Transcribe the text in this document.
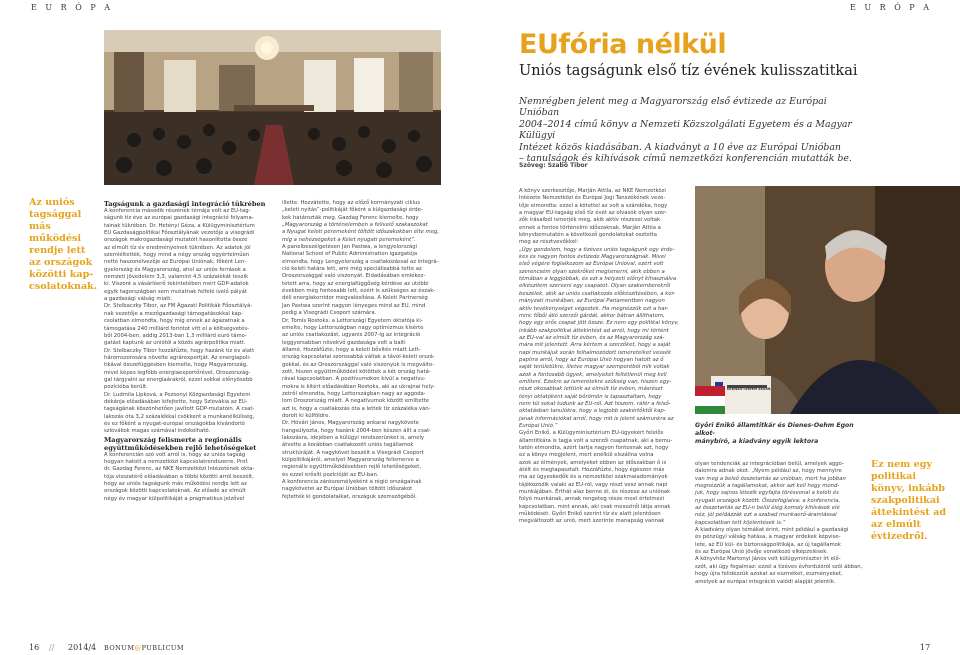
E U R Ó P A	E U R Ó P A
EUfória nélkül
Uniós tagságunk első tíz évének kulisszatitkai
Nemrégben jelent meg a Magyarország első évtizede az Európai Unióban
2004–2014 című könyv a Nemzeti Közszolgálati Egyetem és a Magyar Külügyi
Intézet közös kiadásában. A kiadványt a 10 éve az Európai Unióban
– tanulságok és kihívások című nemzetközi konferencián mutatták be.
Szöveg: Szabó Tibor
Az uniós
tagsággal más
működési
rendje lett
az országok
közötti kap-
csolatoknak.

Tagságunk a gazdasági integráció tükrében

A konferencia második részének témája volt az EU-tag-

ságunk tíz éve az európai gazdasági integráció folyama-

tainak tükrében. Dr. Hetényi Géza, a Külügyminisztérium

EU Gazdaságpolitikai Főosztályának vezetője a visegrádi

országok makrogazdasági mutatóit hasonlította össze

az elmúlt tíz év eredményeinek tükrében. Az adatok jól

szemléltették, hogy mind a négy ország egyértelműen

nettó haszonélvezője az Európai Uniónak, főként Len-

gyelország és Magyarország, ahol az uniós források a

nemzeti jövedelem 3,3, valamint 4,5 százalékát teszik

ki. Viszont a vásárlóerő tekintetében mért GDP-adatok

egyik tagországban sem mutatnak felfelé ívelő pályát

a gazdasági válság miatt.

Dr. Stelbaczky Tibor, az FM Ágazati Politikák Főosztályá-

nak vezetője a mezőgazdasági támogatásokkal kap-

csolatban elmondta, hogy míg ennek az ágazatnak a

támogatása 240 milliárd forintot vitt el a költségvetés-

ből 2004-ben, addig 2013-ban 1,3 milliárd euró támo-

gatást kaptunk az uniótól a közös agrárpolitika miatt.

Dr. Stelbaczky Tibor hozzáfűzte, hogy hazánk tíz év alatt

háromszorosára növelte agrárexportját. Az energiapoli-

tikával összefüggésben kiemelte, hogy Magyarország,

mivel képes legfőbb energiaexportőrével, Oroszország-

gal tárgyalni az energiaárakról, ezzel sokkal előnyösebb

pozícióba került.

Dr. Ludmila Lipková, a Pozsonyi Közgazdasági Egyetem

dékánja előadásában kifejtette, hogy Szlovákia az EU-

tagságának köszönhetően javított GDP-mutatóin. A csat-

lakozás óta 3,2 százalékkal csökkent a munkanélküliség,

és ez főként a nyugat-európai országokba kivándorló

szlovákok magas számával indokolható.

Magyarország felismerte a regionális

együttműködésekben rejlő lehetőségeket

A konferencián szó volt arról is, hogy az uniós tagság

hogyan hatott a nemzetközi kapcsolatrendszerre. Prof.

dr. Gazdag Ferenc, az NKE Nemzetközi Intézetének okta-

tója visszatérő előadásában a többi közötti arról beszélt,

hogy az uniós tagságunk más működési rendje lett az

országok közötti kapcsolatoknak. Az előadó az elmúlt

négy év magyar külpolitikáját a pragmatikus jelzővel

illette. Hozzátette, hogy az előző kormányzati ciklus

„keleti nyitás”-politikáját főként a külgazdasági érde-

kek határozták meg. Gazdag Ferenc kiemelte, hogy

„Magyarország a történelemben a felívelő szakaszokat

a Nyugat keleti peremeként töltött időszakokban élte meg,

míg a nehézségeket a Kelet nyugati peremeként”.

A panelbeszélgetésen Jan Pastwa, a lengyelországi

National School of Public Administration igazgatója

elmondta, hogy Lengyelország a csatlakozással az integrá-

ció keleti határa lett, ami még speciálisabbá tette az

Oroszországgal való viszonyát. Eldadásában emlékez-

tetett arra, hogy az energiafüggőség kérdése az utóbbi

években még fontosabb lett, ezért is szükséges az észak-

déli energiakorridor megvalósítása. A Keleti Partnerség

Jan Pastwa szerint nagyon lényeges mind az EU, mind

pedig a Visegrádi Csoport számára.

Dr. Tomis Rostoks, a Lettországi Egyetem oktatója ki-

emelte, hogy Lettországban nagy optimizmus kísérte

az uniós csatlakozást, ugyanis 2007-ig az integráció

leggyorsabban növekvő gazdasága volt a balti

államé. Hozzáfűzte, hogy a keleti bővítés miatt Lett-

ország kapcsolatai szorosabbá váltak a távol-keleti orszá-

gokkal, és az Oroszországgal való viszonyuk is megválto-

zott, hiszen együttműködést kötöttek a két ország hatá-

rával kapcsolatban. A pozitívumokon kívül a negatívu-

mokra is kitért előadásában Rostoks, aki az ukrajnai hely-

zetről elmondta, hogy Lettországban nagy az aggoda-

lom Oroszország miatt. A negatívumok között említette

azt is, hogy a csatlakozás óta a lettek tíz százaléka ván-

dorolt ki külföldre.

Dr. Hóvári János, Magyarország ankarai nagykövete

hangsúlyozta, hogy hazánk 2004-ben készen állt a csat-

lakozásra, idejében a külügyi rendszerünket is, amely

átvette a korábban csatlakozott uniós tagállamok

struktúráját. A nagykövet beszélt a Visegrádi Csoport

külpolitikájáról, amelyet Magyarország felismerve a

regionális együttműködésekben rejlő lehetőségeket,

és ezzel erősíti pozícióját az EU-ban.

A konferencia zárószemélyeként a régió országainak

nagykövetei az Európai Unióban töltött időszakot

fejtették ki gondolataikat, országuk szemszögéből.

A könyv szerkesztője, Marján Attila, az NKE Nemzetközi

Intézete Nemzetközi és Európai Jogi Tanszékének veze-

tője elmondta: ezzel a kötettel az volt a szándéka, hogy

a magyar EU-tagság első tíz évét az olvasók olyan szer-

zők írásaiból ismerjék meg, akik aktív részesei voltak

ennek a fontos történelmi időszaknak. Marján Attila a

könyvbemutatón a következő gondolatokat osztotta

meg az résztvevőkkel:

„Úgy gondolom, hogy a tízéves uniós tagságunk egy érde-

kes és nagyon fontos évtizede Magyarországnak. Mivel

első végére foglalkozom az Európai Unióval, ezért volt

szerencsém olyan szekrőket megismerni, akik ebben a

témában a leggjobbak, és ezt a helyzeti előnyt kihasználva

elkészítem szerveni egy csapatot. Olyan szakemberekről

beszélek, akik az uniós csatlakozás előkészítésében, a kor-

mányzati munkában, az Európai Parlamentben nagyon

aktív tevékenységet végeztek. Ha megnézzük ezt a har-

minc főből álló szerzői gárdát, akkor bátran állíthatom,

hogy egy erős csapat jött össze. Ez nem egy politikai könyv,

inkább szakpolitikai áttekintést ad arról, hogy mi történt

az EU-val az elmúlt tíz évben, és az Magyarország szá-

mára mit jelentett. Arra kértem a szerzőket, hogy a saját

napi munkájuk során felhalmozódott ismereteiket vessék

papírra arról, hogy az Európai Unió hogyan hatott az ő

saját területükre, illetve magyar szempontból mik voltak

azok a fontosabb ügyek, amelyeket feltétlenül meg kell

említeni. Ezekre az ismeretekre szükség van, hiszen egy-

részt okosabbak lettünk az elmúlt tíz évben, másrészt

tényi oktatóként saját bőrömön is tapasztaltam, hogy

nem túl sokat tudunk az EU-ról. Azt hiszem, ráfér a felső-

oktatásban tanulókra, hogy a legjobb szakértőktől kap-

janak információkat arról, hogy mit is jelent számunkra az

Európai Unió.”

Győri Enikő, a Külügyminisztérium EU-ügyekért felelős

államtitkára is tagja volt a szerzői csapatnak, aki a bemu-

tatón elmondta, azért tartja nagyon fontosnak azt, hogy

ez a könyv megjelent, mert enélkül elszállna volna

azok az élmények, amelyeket ebben az időszakban ő is

átélt és megtapasztalt. Hozzáfűzte, hogy égészen más

ma az ügyeskedők és a nemzetközi szakmaiadományok

tájékozódik valaki az EU-ról, vagy részt vesz annak napi

munkájában. Érthát alaz benne él, és részese az uniónak

folyó munkának, annak rengeteg része most értelmezi

kapcsolatban, mint annak, aki csak messzíről látja annak

működését. Győri Enikő szerint tíz év alatt jelentősen

megváltozott az unió, mert szerinte manapság vannak

olyan tendenciák az integrációban belül, amelyek aggo-

dalomra adnak okot. „Nyem például az, hogy mennyire

van meg a belső összetartás az unióban, mert ha jobban

megnézzük a tagállamokat, akkor azt kell hogy mond-

juk, hogy sajnos létezik egyfajta törésvonal a keleti és

nyugati országok között. Összefoglalva: a konferencia,

az összetartás az EU-n belül élég komoly kihívások elé

néz, jól példázzák ezt a szabad munkaerő-áramlással

kapcsolatban tett kijelentések is.”

A kiadvány olyan témákat érint, mint például a gazdasági

és pénzügyi válság hatása, a magyar érdekek képvise-

lete, az EU kül- és biztonságpolitikája, az új tagállamok

és az Európai Unió jövője vonatkozó elképzelések.

A könyvhöz Martonyi János volt külügyminiszter írt elő-

szót, aki úgy fogalmaz: ezzel a tízéves évfordulóról szól ábban,

hogy újra felidézzük azokat az eszméket, eszményeket,

amelyek az európai integráció valódi alapját jelentik.

DIENES-OEHM EGON
Győri Enikő államtitkár és Dienes-Oehm Egon alkot-
mánybíró, a kiadvány egyik lektora
Ez nem egy
politikai
könyv, inkább
szakpolitikai
áttekintést ad
az elmúlt
évtizedről.
16 // 2014/4 BONUM@PUBLICUM	17
